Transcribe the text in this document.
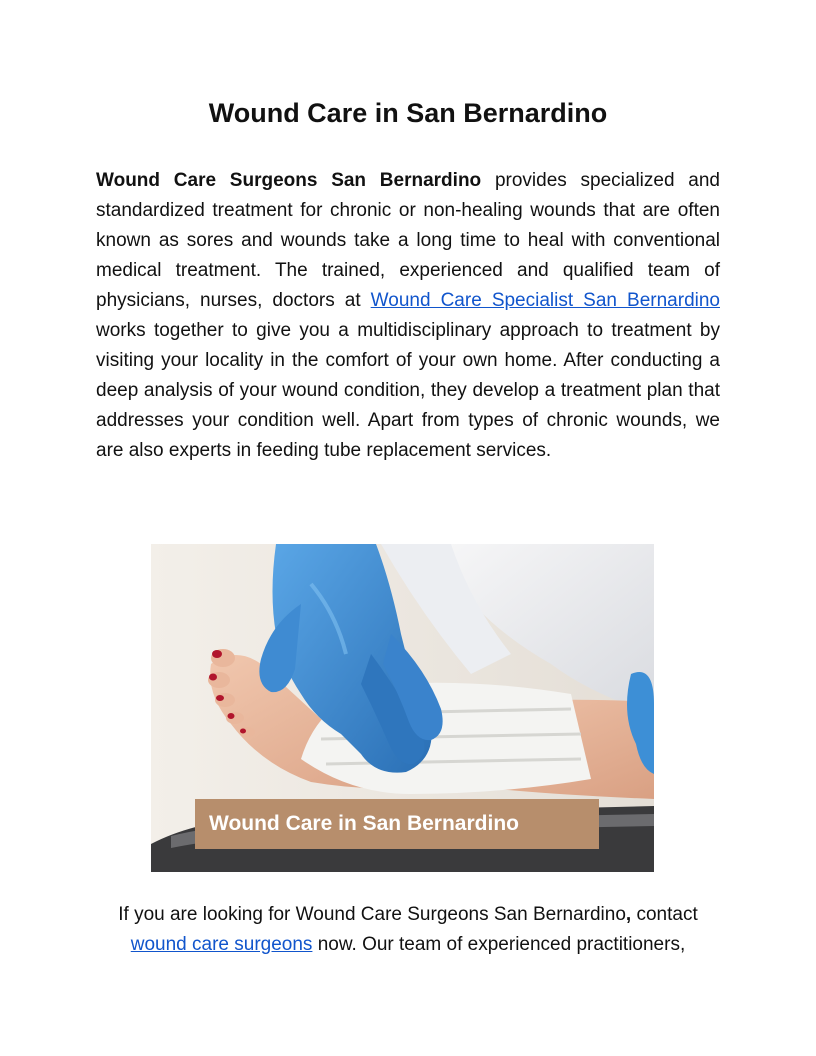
Wound Care in San Bernardino

Wound Care Surgeons San Bernardino provides specialized and standardized treatment for chronic or non-healing wounds that are often known as sores and wounds take a long time to heal with conventional medical treatment. The trained, experienced and qualified team of physicians, nurses, doctors at Wound Care Specialist San Bernardino works together to give you a multidisciplinary approach to treatment by visiting your locality in the comfort of your own home. After conducting a deep analysis of your wound condition, they develop a treatment plan that addresses your condition well. Apart from types of chronic wounds, we are also experts in feeding tube replacement services.

Wound Care in San Bernardino

If you are looking for Wound Care Surgeons San Bernardino, contact wound care surgeons now. Our team of experienced practitioners,
